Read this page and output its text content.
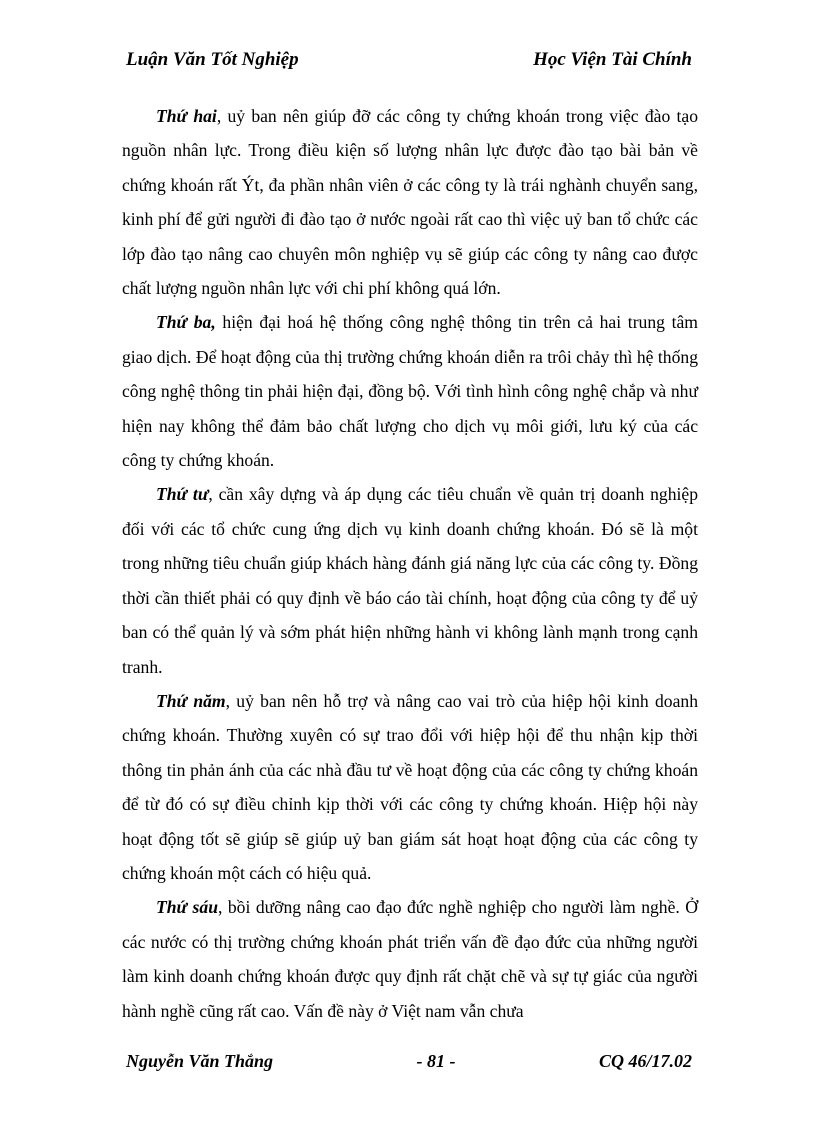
Luận Văn Tốt Nghiệp	Học Viện Tài Chính

Thứ hai, uỷ ban nên giúp đỡ các công ty chứng khoán trong việc đào tạo nguồn nhân lực. Trong điều kiện số lượng nhân lực được đào tạo bài bản về chứng khoán rất Ýt, đa phần nhân viên ở các công ty là trái nghành chuyển sang, kinh phí để gửi người đi đào tạo ở nước ngoài rất cao thì việc uỷ ban tổ chức các lớp đào tạo nâng cao chuyên môn nghiệp vụ sẽ giúp các công ty nâng cao được chất lượng nguồn nhân lực với chi phí không quá lớn.

Thứ ba, hiện đại hoá hệ thống công nghệ thông tin trên cả hai trung tâm giao dịch. Để hoạt động của thị trường chứng khoán diễn ra trôi chảy thì hệ thống công nghệ thông tin phải hiện đại, đồng bộ. Với tình hình công nghệ chắp và như hiện nay không thể đảm bảo chất lượng cho dịch vụ môi giới, lưu ký của các công ty chứng khoán.

Thứ tư, cần xây dựng và áp dụng các tiêu chuẩn về quản trị doanh nghiệp đối với các tổ chức cung ứng dịch vụ kinh doanh chứng khoán. Đó sẽ là một trong những tiêu chuẩn giúp khách hàng đánh giá năng lực của các công ty. Đồng thời cần thiết phải có quy định về báo cáo tài chính, hoạt động của công ty để uỷ ban có thể quản lý và sớm phát hiện những hành vi không lành mạnh trong cạnh tranh.

Thứ năm, uỷ ban nên hỗ trợ và nâng cao vai trò của hiệp hội kinh doanh chứng khoán. Thường xuyên có sự trao đổi với hiệp hội để thu nhận kịp thời thông tin phản ánh của các nhà đầu tư về hoạt động của các công ty chứng khoán để từ đó có sự điều chỉnh kịp thời với các công ty chứng khoán. Hiệp hội này hoạt động tốt sẽ giúp sẽ giúp uỷ ban giám sát hoạt hoạt động của các công ty chứng khoán một cách có hiệu quả.

Thứ sáu, bồi dưỡng nâng cao đạo đức nghề nghiệp cho người làm nghề. Ở các nước có thị trường chứng khoán phát triển vấn đề đạo đức của những người làm kinh doanh chứng khoán được quy định rất chặt chẽ và sự tự giác của người hành nghề cũng rất cao. Vấn đề này ở Việt nam vẫn chưa

Nguyễn Văn Thắng	- 81 -	CQ 46/17.02
